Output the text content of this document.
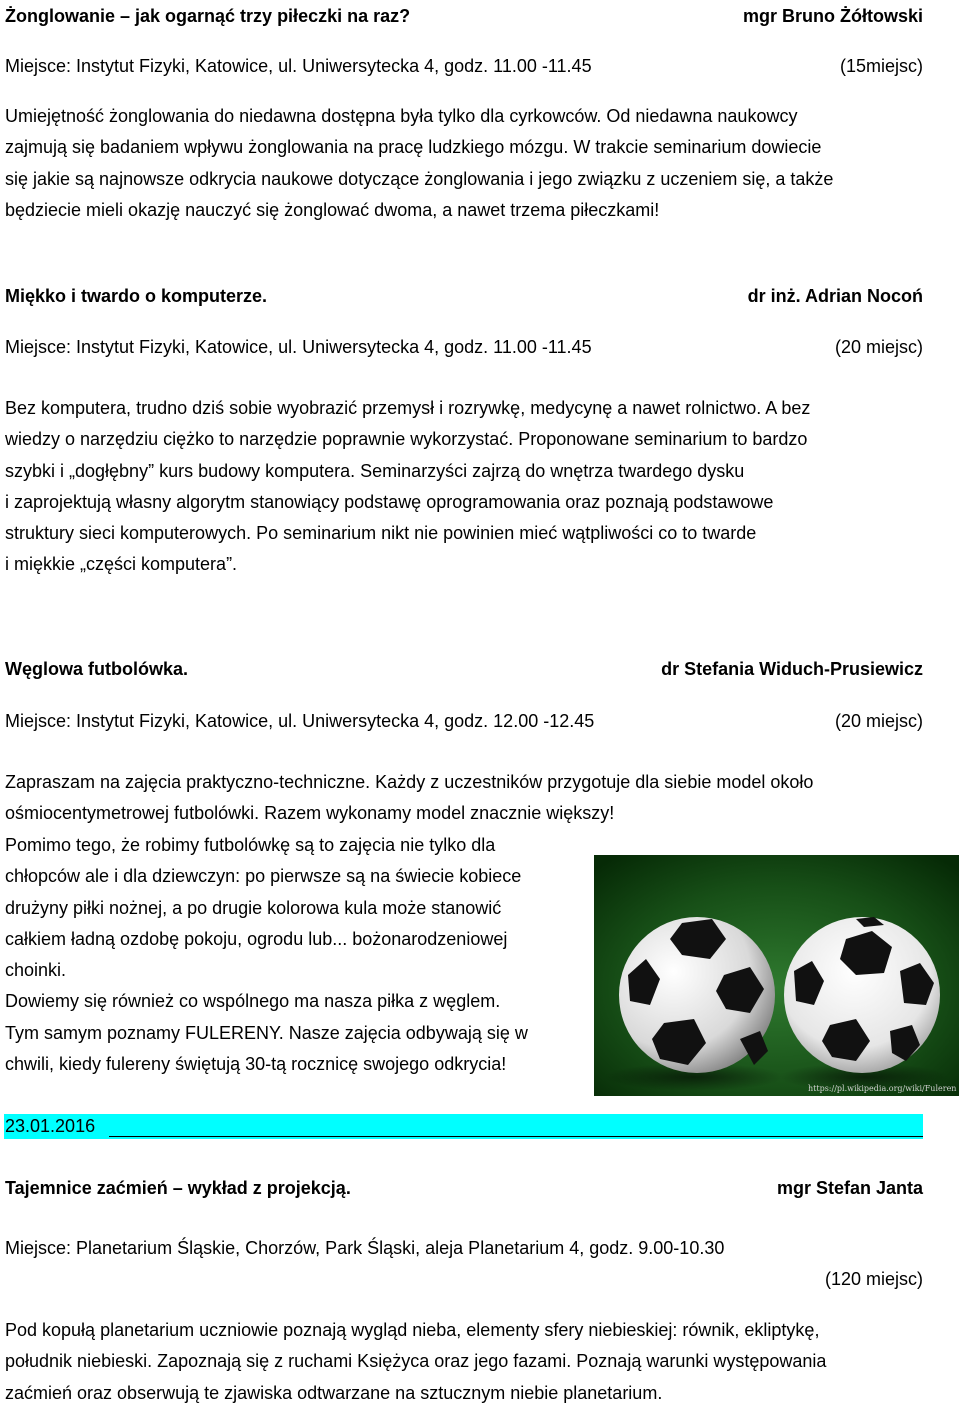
Żonglowanie – jak ogarnąć trzy piłeczki na raz?	mgr Bruno Żółtowski
Miejsce: Instytut Fizyki, Katowice, ul. Uniwersytecka 4, godz. 11.00 -11.45	(15miejsc)
Umiejętność żonglowania do niedawna dostępna była tylko dla cyrkowców. Od niedawna naukowcy
zajmują się badaniem wpływu żonglowania na pracę ludzkiego mózgu. W trakcie seminarium dowiecie
się jakie są najnowsze odkrycia naukowe dotyczące żonglowania i jego związku z uczeniem się, a także
będziecie mieli okazję nauczyć się żonglować dwoma, a nawet trzema piłeczkami!
Miękko i twardo o komputerze.	dr inż. Adrian Nocoń
Miejsce: Instytut Fizyki, Katowice, ul. Uniwersytecka 4, godz. 11.00 -11.45	(20 miejsc)
Bez komputera, trudno dziś sobie wyobrazić przemysł i rozrywkę, medycynę a nawet rolnictwo. A bez
wiedzy o narzędziu ciężko to narzędzie poprawnie wykorzystać. Proponowane seminarium to bardzo
szybki i „dogłębny” kurs budowy komputera. Seminarzyści zajrzą do wnętrza twardego dysku
i zaprojektują własny algorytm stanowiący podstawę oprogramowania oraz poznają podstawowe
struktury sieci komputerowych. Po seminarium nikt nie powinien mieć wątpliwości co to twarde
i miękkie „części komputera”.
Węglowa futbolówka.	dr Stefania Widuch-Prusiewicz
Miejsce: Instytut Fizyki, Katowice, ul. Uniwersytecka 4, godz. 12.00 -12.45	(20 miejsc)
Zapraszam na zajęcia praktyczno-techniczne. Każdy z uczestników przygotuje dla siebie model około
ośmiocentymetrowej futbolówki. Razem wykonamy model znacznie większy!
Pomimo tego, że robimy futbolówkę są to zajęcia nie tylko dla
chłopców ale i dla dziewczyn: po pierwsze są na świecie kobiece
drużyny piłki nożnej, a po drugie kolorowa kula może stanowić
całkiem ładną ozdobę pokoju, ogrodu lub... bożonarodzeniowej
choinki.
Dowiemy się również co wspólnego ma nasza piłka z węglem.
Tym samym poznamy FULERENY. Nasze zajęcia odbywają się w
chwili, kiedy fulereny świętują 30-tą rocznicę swojego odkrycia!
https://pl.wikipedia.org/wiki/Fuleren
23.01.2016
Tajemnice zaćmień – wykład z projekcją.	mgr Stefan Janta
Miejsce: Planetarium Śląskie, Chorzów, Park Śląski, aleja Planetarium 4, godz. 9.00-10.30
(120 miejsc)
Pod kopułą planetarium uczniowie poznają wygląd nieba, elementy sfery niebieskiej: równik, ekliptykę,
południk niebieski. Zapoznają się z ruchami Księżyca oraz jego fazami. Poznają warunki występowania
zaćmień oraz obserwują te zjawiska odtwarzane na sztucznym niebie planetarium.
